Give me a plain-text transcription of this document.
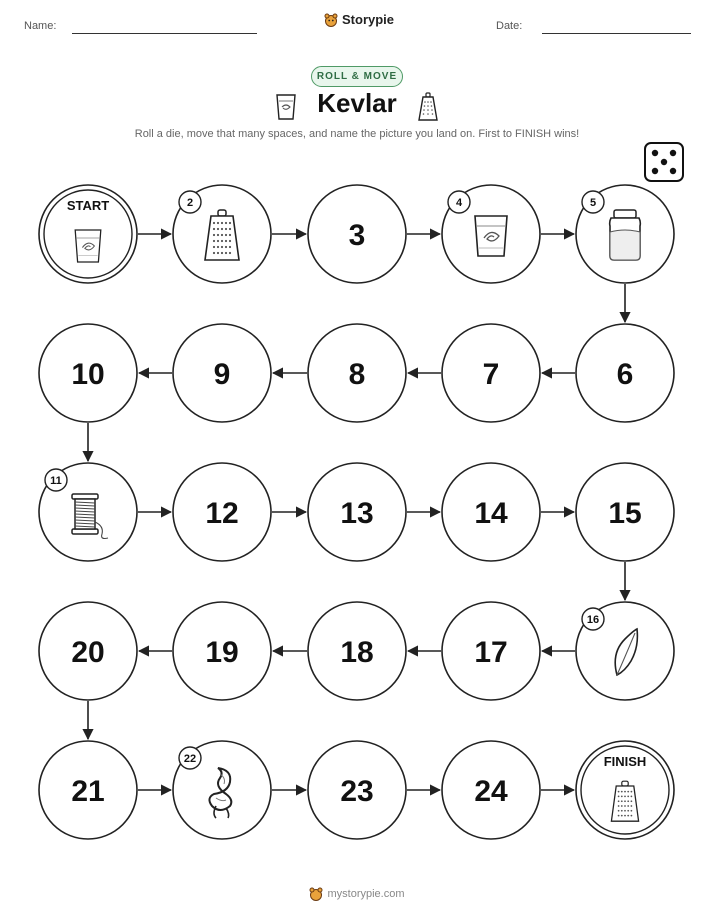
Name:	Storypie	Date:
ROLL & MOVE
Kevlar
Roll a die, move that many spaces, and name the picture you land on. First to FINISH wins!
START	2
3
4	5
6
7
8
9
10
11
12	13	14	15
16
17
18
19
20
21
22
23	24
FINISH
mystorypie.com
